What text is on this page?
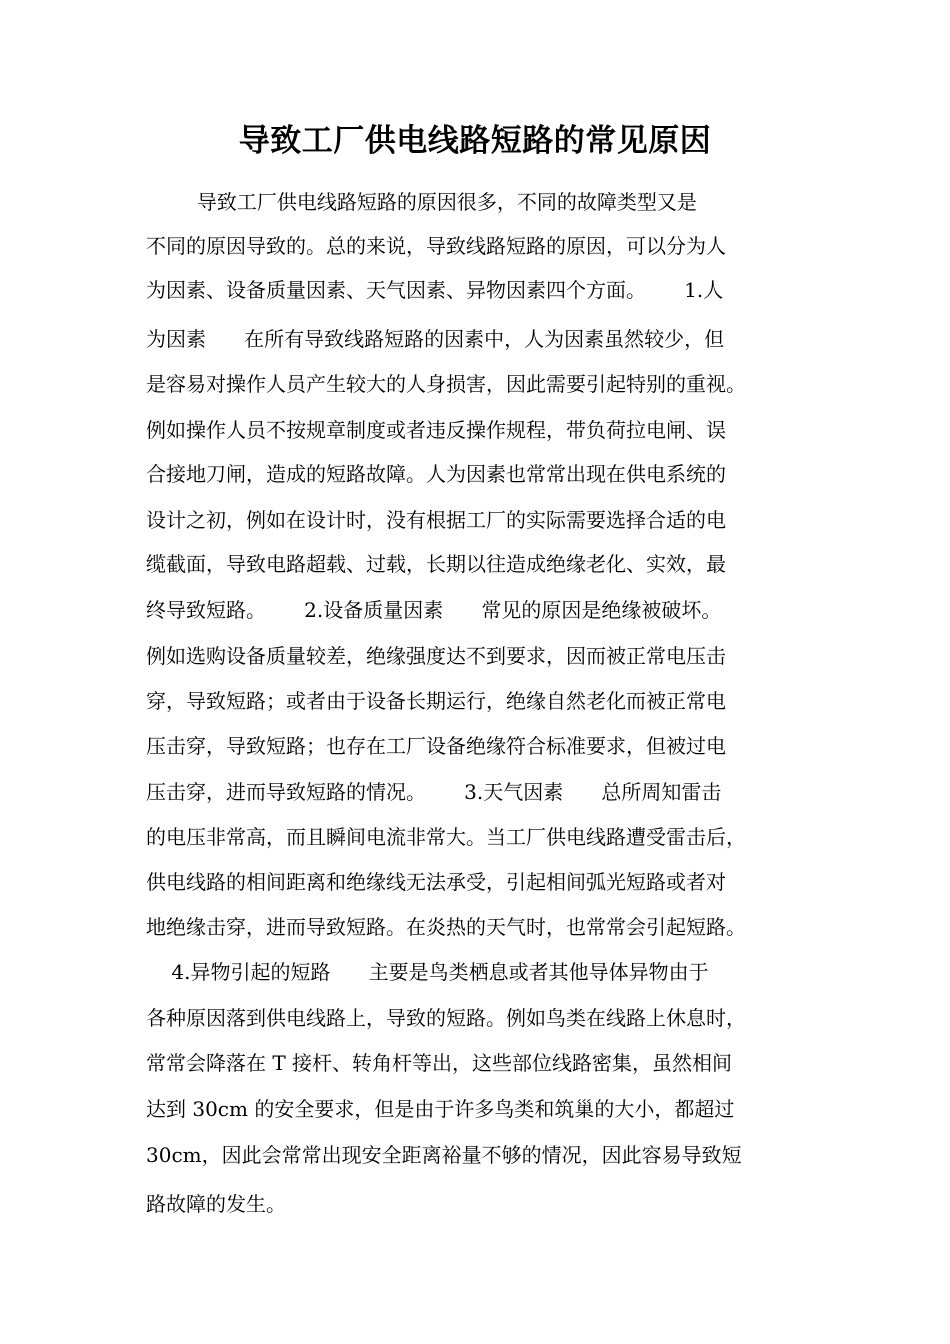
导致工厂供电线路短路的常见原因
导致工厂供电线路短路的原因很多，不同的故障类型又是
不同的原因导致的。总的来说，导致线路短路的原因，可以分为人
为因素、设备质量因素、天气因素、异物因素四个方面。      1.人
为因素      在所有导致线路短路的因素中，人为因素虽然较少，但
是容易对操作人员产生较大的人身损害，因此需要引起特别的重视。
例如操作人员不按规章制度或者违反操作规程，带负荷拉电闸、误
合接地刀闸，造成的短路故障。人为因素也常常出现在供电系统的
设计之初，例如在设计时，没有根据工厂的实际需要选择合适的电
缆截面，导致电路超载、过载，长期以往造成绝缘老化、实效，最
终导致短路。      2.设备质量因素      常见的原因是绝缘被破坏。
例如选购设备质量较差，绝缘强度达不到要求，因而被正常电压击
穿，导致短路；或者由于设备长期运行，绝缘自然老化而被正常电
压击穿，导致短路；也存在工厂设备绝缘符合标准要求，但被过电
压击穿，进而导致短路的情况。      3.天气因素      总所周知雷击
的电压非常高，而且瞬间电流非常大。当工厂供电线路遭受雷击后，
供电线路的相间距离和绝缘线无法承受，引起相间弧光短路或者对
地绝缘击穿，进而导致短路。在炎热的天气时，也常常会引起短路。
4.异物引起的短路      主要是鸟类栖息或者其他导体异物由于
各种原因落到供电线路上，导致的短路。例如鸟类在线路上休息时，
常常会降落在 T 接杆、转角杆等出，这些部位线路密集，虽然相间
达到 30cm 的安全要求，但是由于许多鸟类和筑巢的大小，都超过
30cm，因此会常常出现安全距离裕量不够的情况，因此容易导致短
路故障的发生。
